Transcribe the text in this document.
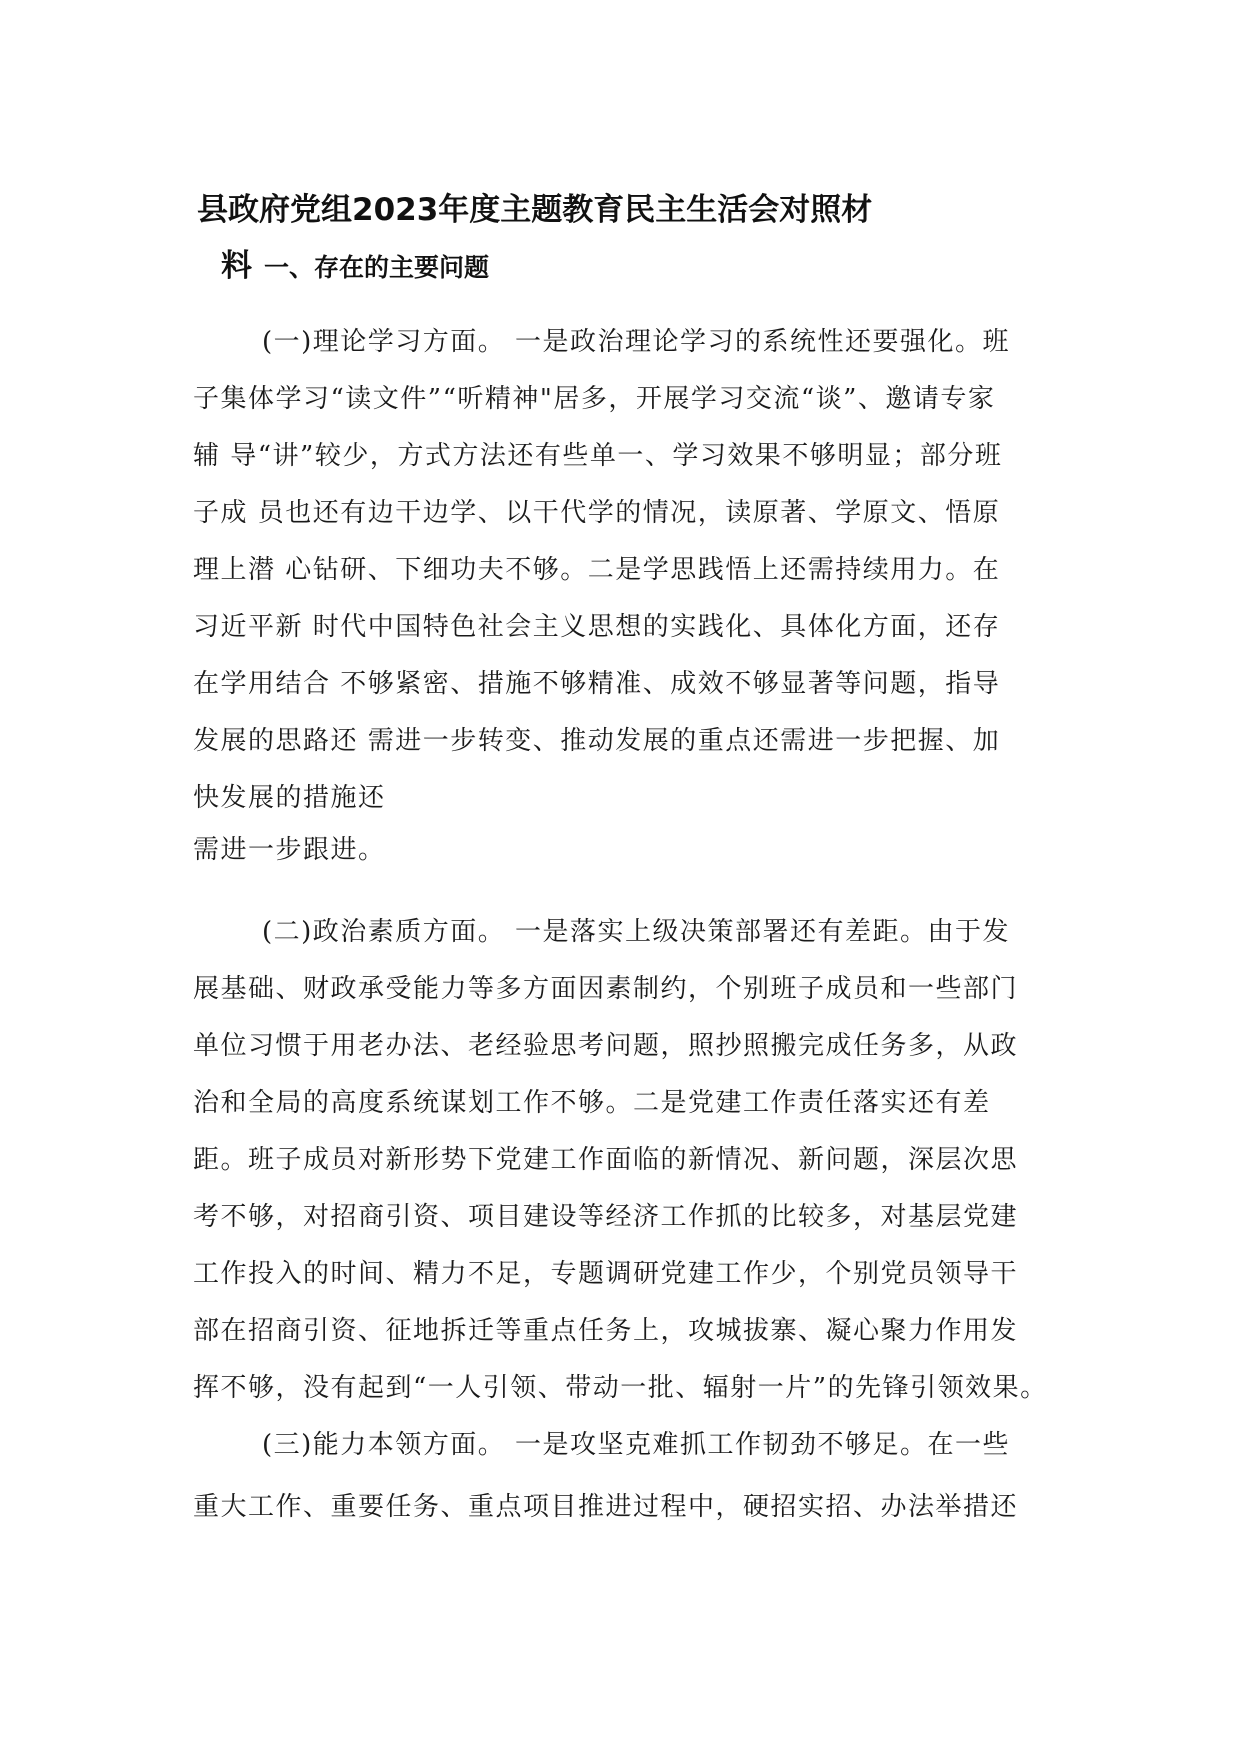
县政府党组2023年度主题教育民主生活会对照材
料 一、存在的主要问题
(一)理论学习方面。 一是政治理论学习的系统性还要强化。班
子集体学习“读文件”“听精神"居多，开展学习交流“谈”、邀请专家
辅 导“讲”较少，方式方法还有些单一、学习效果不够明显；部分班
子成 员也还有边干边学、以干代学的情况，读原著、学原文、悟原
理上潜 心钻研、下细功夫不够。二是学思践悟上还需持续用力。在
习近平新 时代中国特色社会主义思想的实践化、具体化方面，还存
在学用结合 不够紧密、措施不够精准、成效不够显著等问题，指导
发展的思路还 需进一步转变、推动发展的重点还需进一步把握、加
快发展的措施还
需进一步跟进。
(二)政治素质方面。 一是落实上级决策部署还有差距。由于发
展基础、财政承受能力等多方面因素制约，个别班子成员和一些部门
单位习惯于用老办法、老经验思考问题，照抄照搬完成任务多，从政
治和全局的高度系统谋划工作不够。二是党建工作责任落实还有差
距。班子成员对新形势下党建工作面临的新情况、新问题，深层次思
考不够，对招商引资、项目建设等经济工作抓的比较多，对基层党建
工作投入的时间、精力不足，专题调研党建工作少，个别党员领导干
部在招商引资、征地拆迁等重点任务上，攻城拔寨、凝心聚力作用发
挥不够，没有起到“一人引领、带动一批、辐射一片”的先锋引领效果。
(三)能力本领方面。 一是攻坚克难抓工作韧劲不够足。在一些
重大工作、重要任务、重点项目推进过程中，硬招实招、办法举措还
